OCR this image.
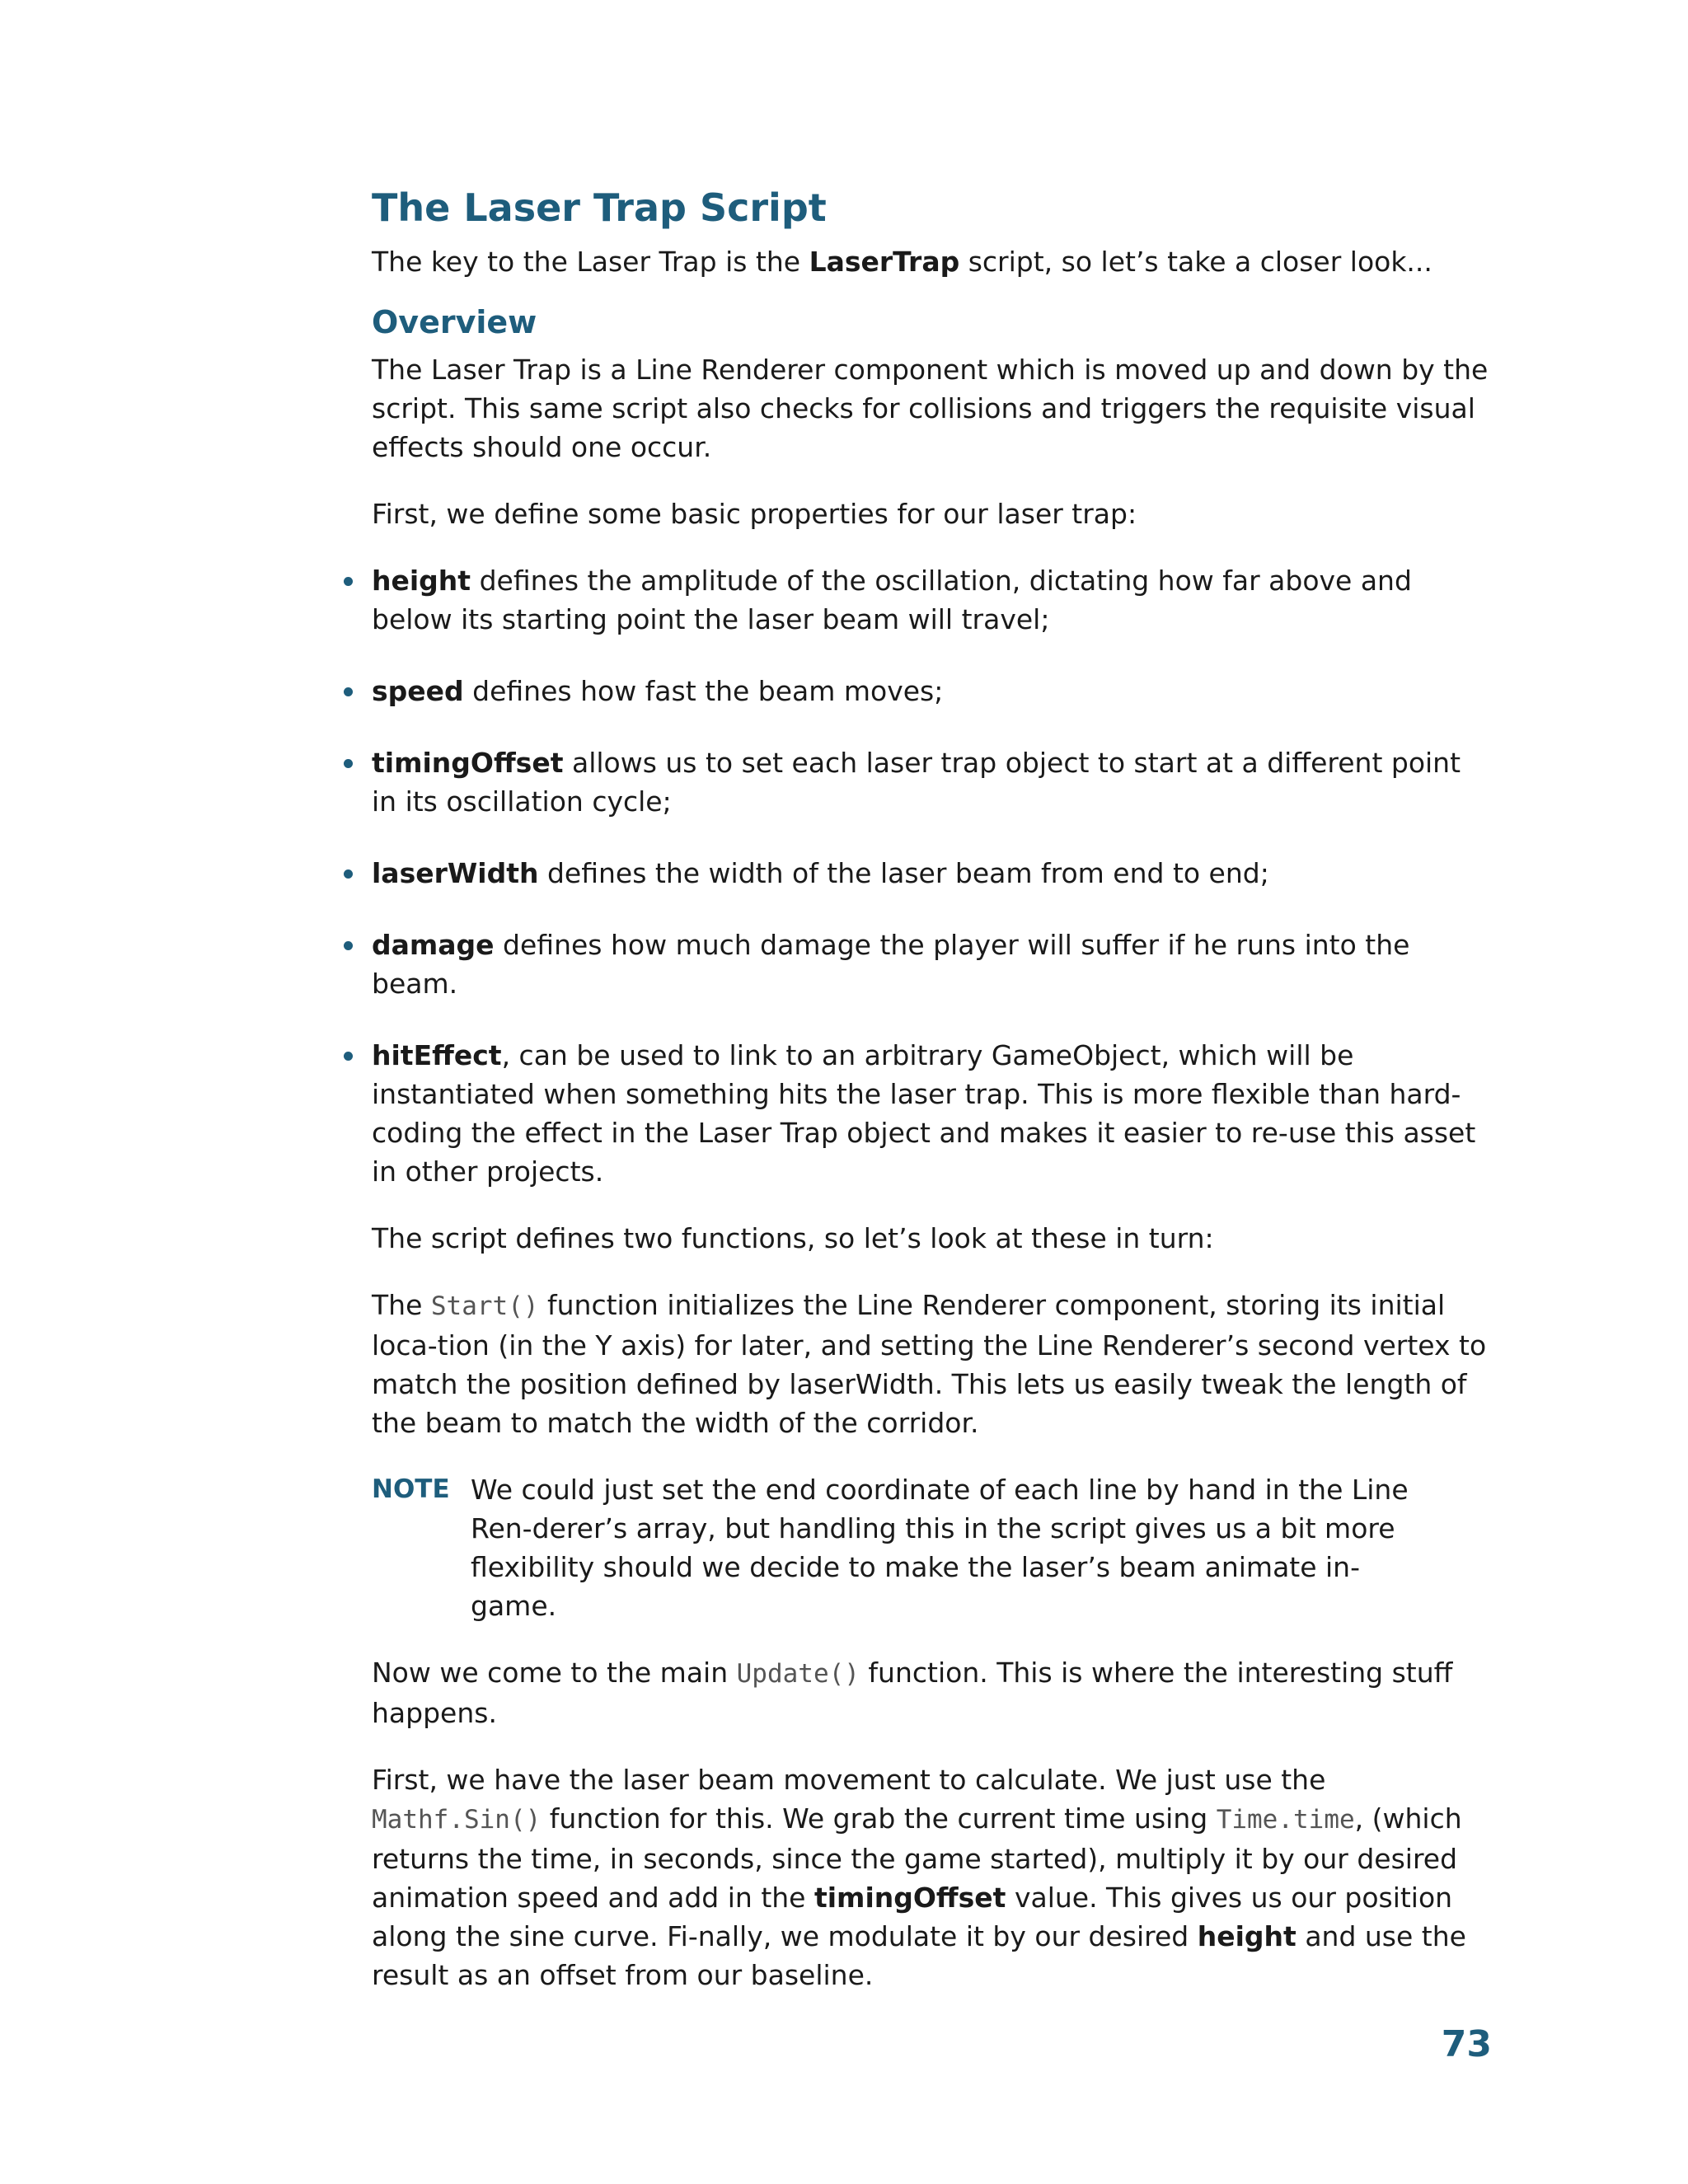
The Laser Trap Script

The key to the Laser Trap is the LaserTrap script, so let’s take a closer look...

Overview

The Laser Trap is a Line Renderer component which is moved up and down by the script. This same script also checks for collisions and triggers the requisite visual effects should one occur.

First, we define some basic properties for our laser trap:

height defines the amplitude of the oscillation, dictating how far above and below its starting point the laser beam will travel;
speed defines how fast the beam moves;
timingOffset allows us to set each laser trap object to start at a different point in its oscillation cycle;
laserWidth defines the width of the laser beam from end to end;
damage defines how much damage the player will suffer if he runs into the beam.
hitEffect, can be used to link to an arbitrary GameObject, which will be instantiated when something hits the laser trap. This is more flexible than hard-coding the effect in the Laser Trap object and makes it easier to re-use this asset in other projects.

The script defines two functions, so let’s look at these in turn:

The Start() function initializes the Line Renderer component, storing its initial loca-tion (in the Y axis) for later, and setting the Line Renderer’s second vertex to match the position defined by laserWidth. This lets us easily tweak the length of the beam to match the width of the corridor.

NOTE We could just set the end coordinate of each line by hand in the Line Ren-derer’s array, but handling this in the script gives us a bit more flexibility should we decide to make the laser’s beam animate in-game.

Now we come to the main Update() function. This is where the interesting stuff happens.

First, we have the laser beam movement to calculate. We just use the Mathf.Sin() function for this. We grab the current time using Time.time, (which returns the time, in seconds, since the game started), multiply it by our desired animation speed and add in the timingOffset value. This gives us our position along the sine curve. Fi-nally, we modulate it by our desired height and use the result as an offset from our baseline.

73
